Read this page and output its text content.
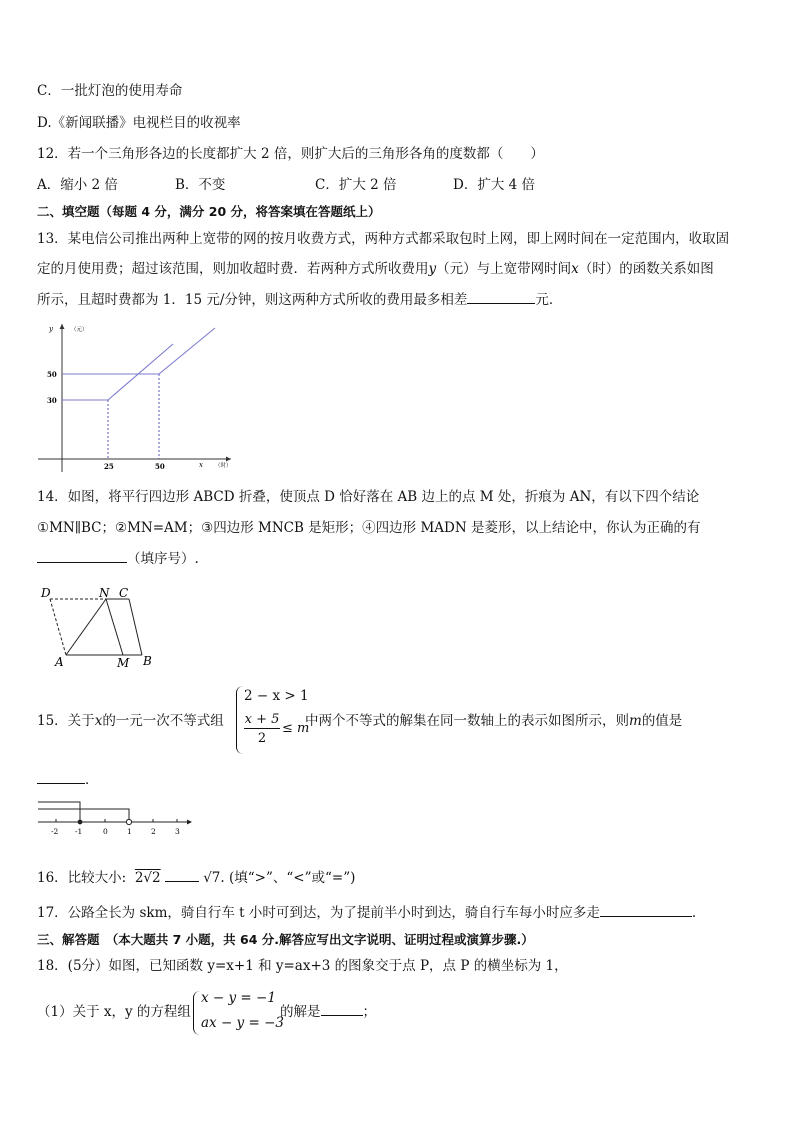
C．一批灯泡的使用寿命
D.《新闻联播》电视栏目的收视率
12．若一个三角形各边的长度都扩大 2 倍，则扩大后的三角形各角的度数都（　　）
A．缩小 2 倍	B．不变	C．扩大 2 倍	D．扩大 4 倍
二、填空题（每题 4 分，满分 20 分，将答案填在答题纸上）
13．某电信公司推出两种上宽带的网的按月收费方式，两种方式都采取包时上网，即上网时间在一定范围内，收取固
定的月使用费；超过该范围，则加收超时费．若两种方式所收费用y（元）与上宽带网时间x（时）的函数关系如图
所示，且超时费都为 1．15 元/分钟，则这两种方式所收的费用最多相差	元．
y	（元）
x （时）
50
30
25	50
14．如图，将平行四边形 ABCD 折叠，使顶点 D 恰好落在 AB 边上的点 M 处，折痕为 AN，有以下四个结论
①MN∥BC；②MN=AM；③四边形 MNCB 是矩形；④四边形 MADN 是菱形，以上结论中，你认为正确的有
（填序号）.
D	N C
A	M B
15．关于x的一元一次不等式组
2 − x > 1
x + 5
2
≤ m
中两个不等式的解集在同一数轴上的表示如图所示，则m的值是
．
-2 -1	0	1	2	3
16．比较大小: 2√2	√7. (填“>”、“<”或“=”)
17．公路全长为 skm，骑自行车 t 小时可到达，为了提前半小时到达，骑自行车每小时应多走	.
三、解答题　（本大题共 7 小题，共 64 分.解答应写出文字说明、证明过程或演算步骤.）
18．(5分）如图，已知函数 y=x+1 和 y=ax+3 的图象交于点 P，点 P 的横坐标为 1，
（1）关于 x，y 的方程组
x − y = −1
ax − y = −3
的解是	；
